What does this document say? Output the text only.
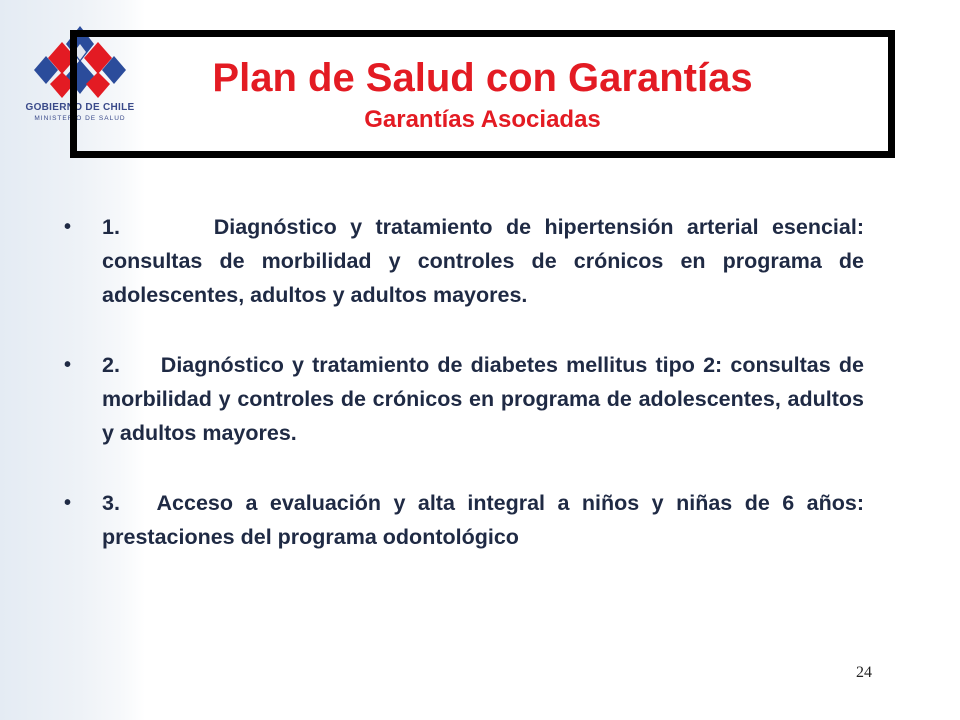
GOBIERNO DE CHILE
MINISTERIO DE SALUD
Plan de Salud con Garantías
Garantías Asociadas
• 1.       Diagnóstico y tratamiento de hipertensión arterial esencial: consultas de morbilidad y controles de crónicos en programa de adolescentes, adultos y adultos mayores.
• 2.     Diagnóstico y tratamiento de diabetes mellitus tipo 2: consultas de morbilidad y controles de crónicos en programa de adolescentes, adultos y adultos mayores.
• 3.   Acceso a evaluación y alta integral a niños y niñas de 6 años: prestaciones del programa odontológico
24
